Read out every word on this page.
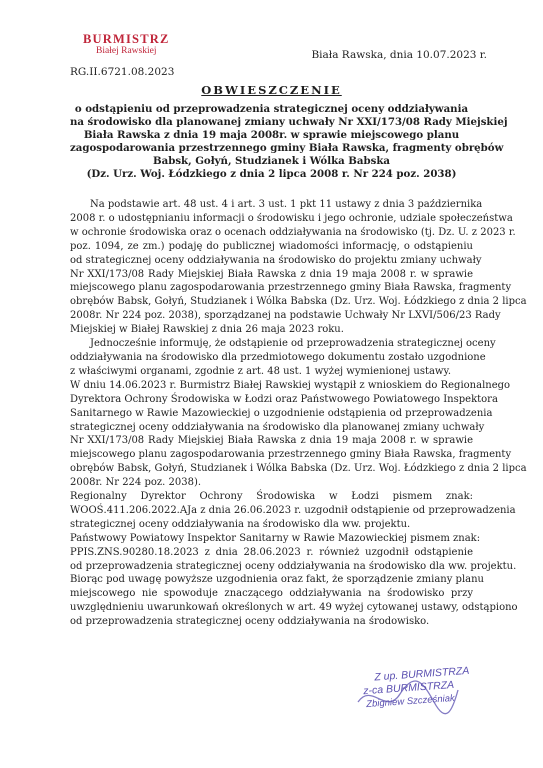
BURMISTRZ
Białej Rawskiej	Biała Rawska, dnia 10.07.2023 r.
RG.II.6721.08.2023
OBWIESZCZENIE
o odstąpieniu od przeprowadzenia strategicznej oceny oddziaływania
na środowisko dla planowanej zmiany uchwały Nr XXI/173/08 Rady Miejskiej
Biała Rawska z dnia 19 maja 2008r. w sprawie miejscowego planu
zagospodarowania przestrzennego gminy Biała Rawska, fragmenty obrębów
Babsk, Gołyń, Studzianek i Wólka Babska
(Dz. Urz. Woj. Łódzkiego z dnia 2 lipca 2008 r. Nr 224 poz. 2038)
Na podstawie art. 48 ust. 4 i art. 3 ust. 1 pkt 11 ustawy z dnia 3 października
2008 r. o udostępnianiu informacji o środowisku i jego ochronie, udziale społeczeństwa
w ochronie środowiska oraz o ocenach oddziaływania na środowisko (tj. Dz. U. z 2023 r.
poz. 1094, ze zm.) podaję do publicznej wiadomości informację, o odstąpieniu
od strategicznej oceny oddziaływania na środowisko do projektu zmiany uchwały
Nr XXI/173/08 Rady Miejskiej Biała Rawska z dnia 19 maja 2008 r. w sprawie
miejscowego planu zagospodarowania przestrzennego gminy Biała Rawska, fragmenty
obrębów Babsk, Gołyń, Studzianek i Wólka Babska (Dz. Urz. Woj. Łódzkiego z dnia 2 lipca
2008r. Nr 224 poz. 2038), sporządzanej na podstawie Uchwały Nr LXVI/506/23 Rady
Miejskiej w Białej Rawskiej z dnia 26 maja 2023 roku.
Jednocześnie informuję, że odstąpienie od przeprowadzenia strategicznej oceny
oddziaływania na środowisko dla przedmiotowego dokumentu zostało uzgodnione
z właściwymi organami, zgodnie z art. 48 ust. 1 wyżej wymienionej ustawy.
W dniu 14.06.2023 r. Burmistrz Białej Rawskiej wystąpił z wnioskiem do Regionalnego
Dyrektora Ochrony Środowiska w Łodzi oraz Państwowego Powiatowego Inspektora
Sanitarnego w Rawie Mazowieckiej o uzgodnienie odstąpienia od przeprowadzenia
strategicznej oceny oddziaływania na środowisko dla planowanej zmiany uchwały
Nr XXI/173/08 Rady Miejskiej Biała Rawska z dnia 19 maja 2008 r. w sprawie
miejscowego planu zagospodarowania przestrzennego gminy Biała Rawska, fragmenty
obrębów Babsk, Gołyń, Studzianek i Wólka Babska (Dz. Urz. Woj. Łódzkiego z dnia 2 lipca
2008r. Nr 224 poz. 2038).
Regionalny Dyrektor Ochrony Środowiska w Łodzi pismem znak:
WOOŚ.411.206.2022.AJa z dnia 26.06.2023 r. uzgodnił odstąpienie od przeprowadzenia
strategicznej oceny oddziaływania na środowisko dla ww. projektu.
Państwowy Powiatowy Inspektor Sanitarny w Rawie Mazowieckiej pismem znak:
PPIS.ZNS.90280.18.2023 z dnia 28.06.2023 r. również uzgodnił odstąpienie
od przeprowadzenia strategicznej oceny oddziaływania na środowisko dla ww. projektu.
Biorąc pod uwagę powyższe uzgodnienia oraz fakt, że sporządzenie zmiany planu
miejscowego nie spowoduje znaczącego oddziaływania na środowisko przy
uwzględnieniu uwarunkowań określonych w art. 49 wyżej cytowanej ustawy, odstąpiono
od przeprowadzenia strategicznej oceny oddziaływania na środowisko.
Z up. BURMISTRZA
z-ca BURMISTRZA
Zbigniew Szcześniak
